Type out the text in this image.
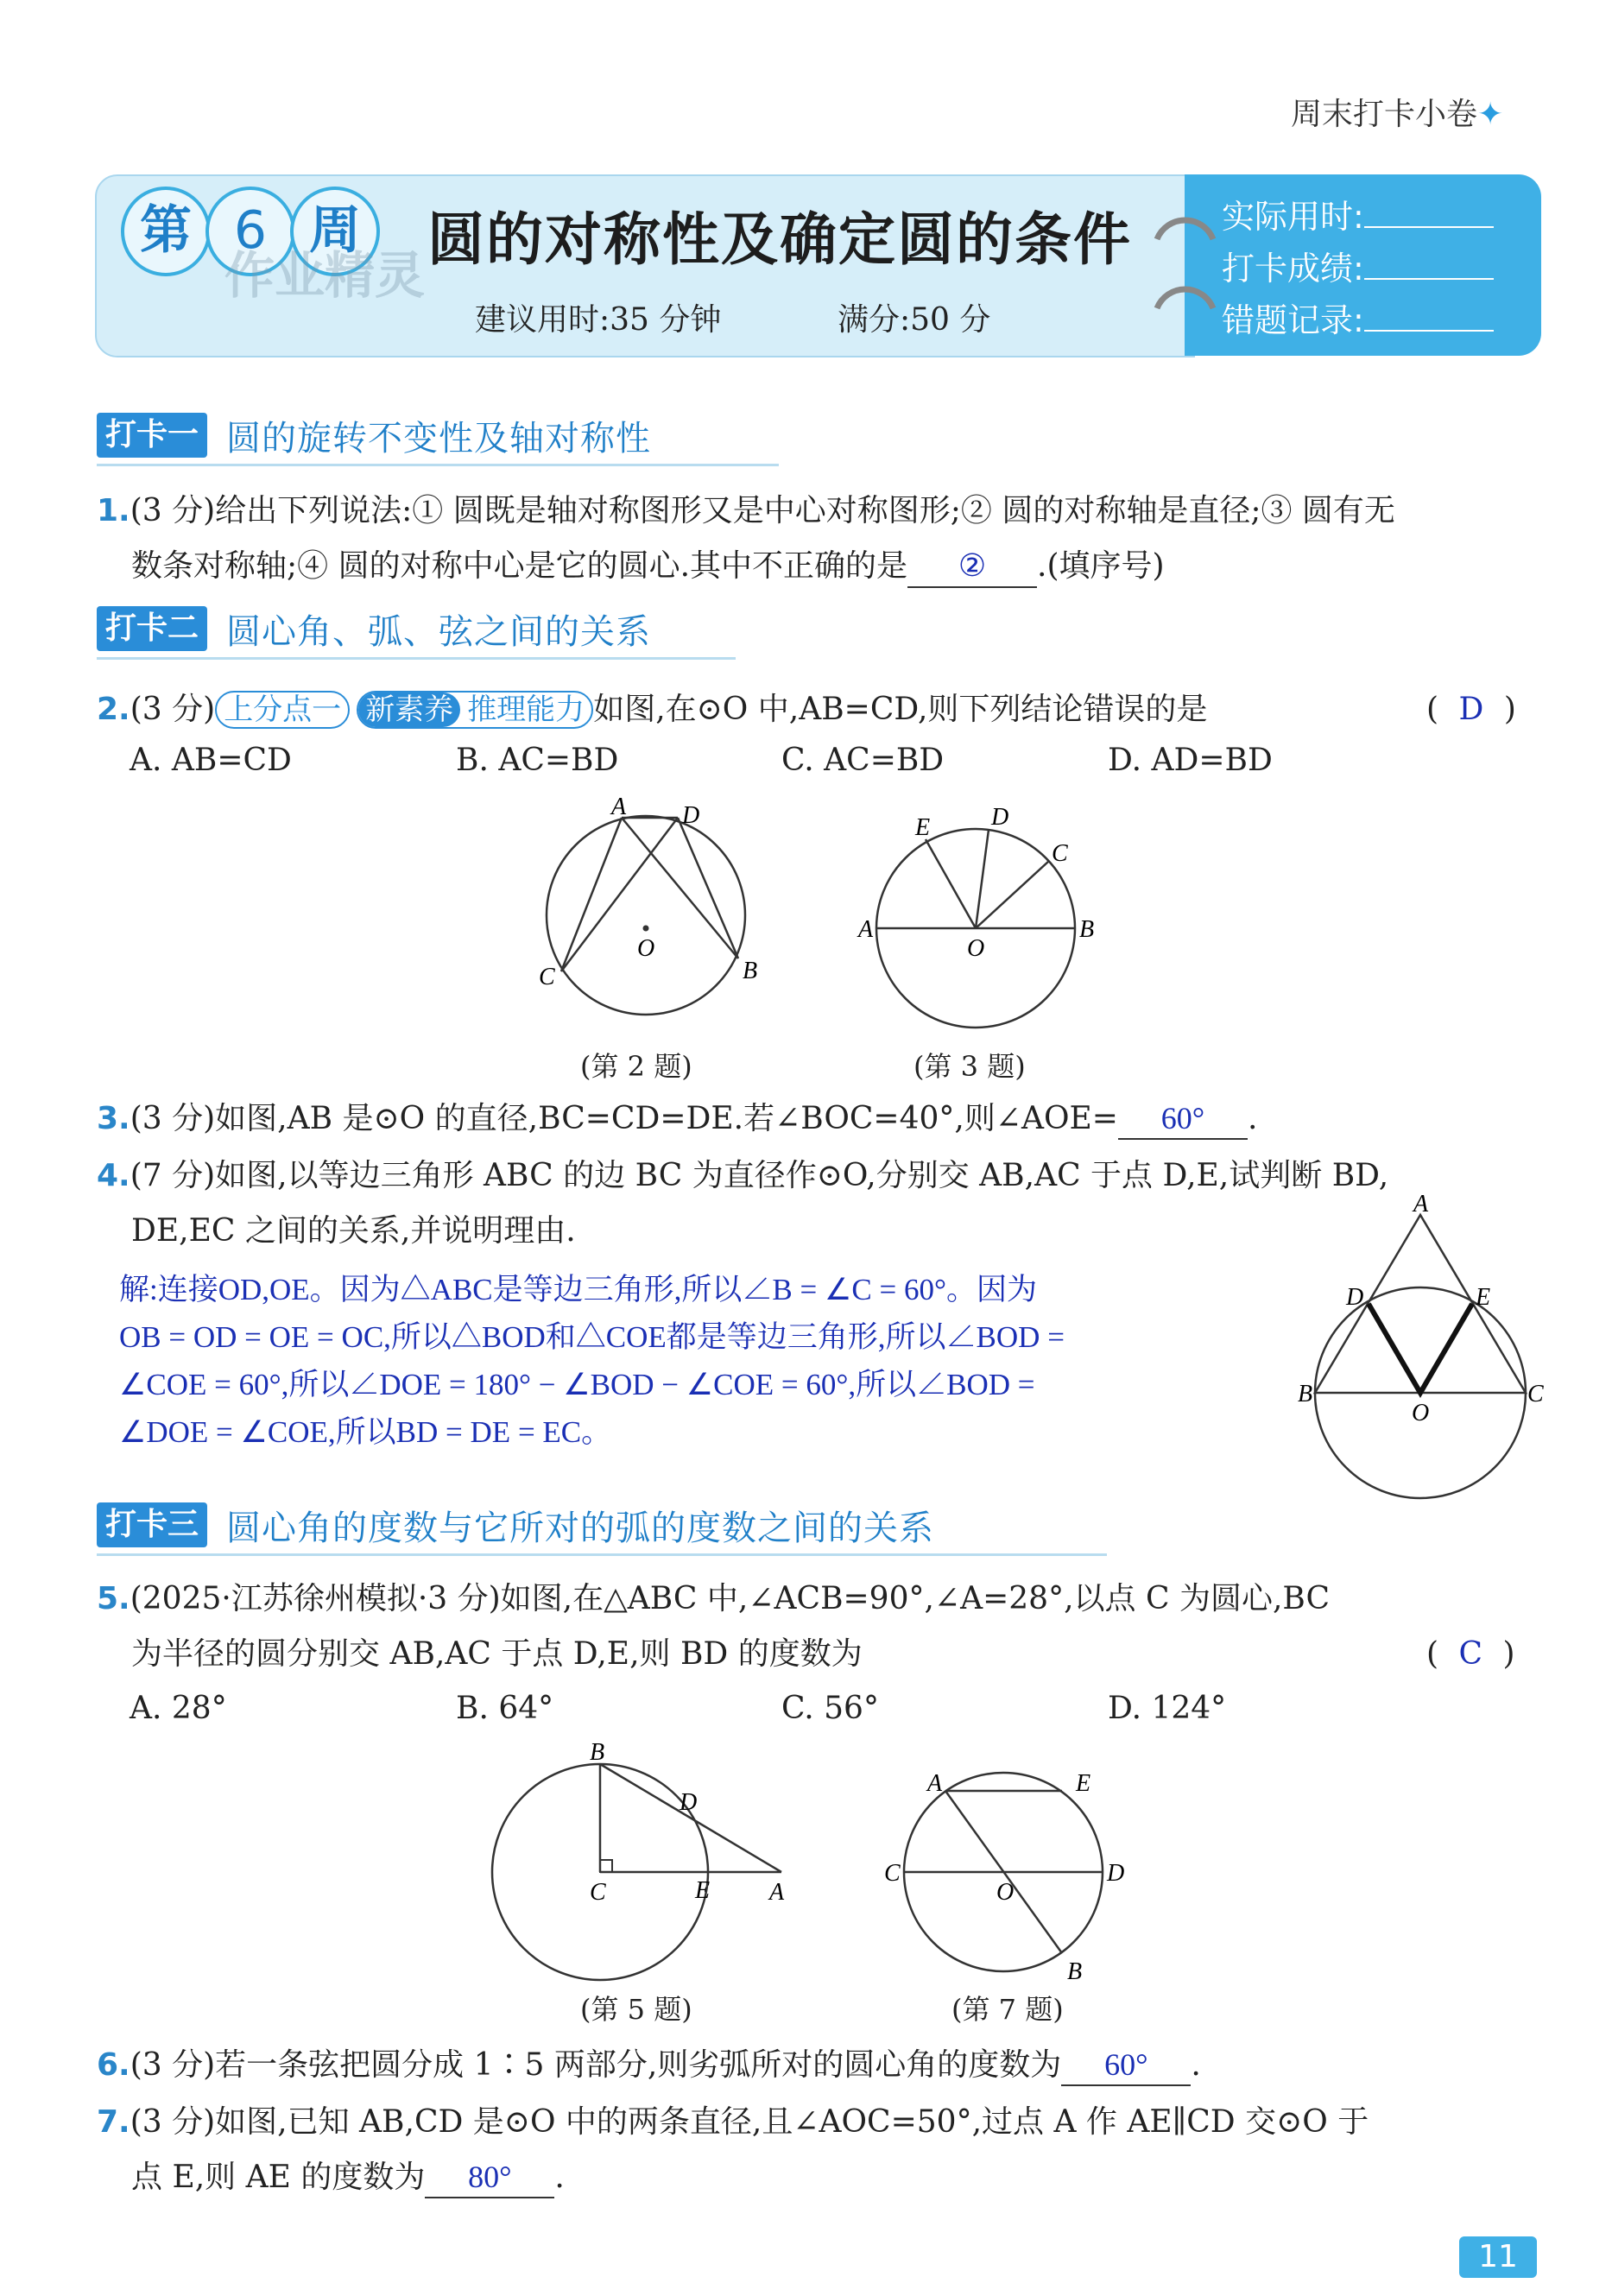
周末打卡小卷✦
第 6 周
作业精灵
圆的对称性及确定圆的条件
建议用时:35 分钟	满分:50 分
实际用时:
打卡成绩:
错题记录:
打卡一 圆的旋转不变性及轴对称性
1.(3 分)给出下列说法:① 圆既是轴对称图形又是中心对称图形;② 圆的对称轴是直径;③ 圆有无
数条对称轴;④ 圆的对称中心是它的圆心.其中不正确的是 ② .(填序号)
打卡二 圆心角、弧、弦之间的关系
2.(3 分) 上分点一 新素养 推理能力 如图,在⊙O 中,AB=CD,则下列结论错误的是	( D )
A. AB=CD	B. AC=BD	C. AC=BD	D. AD=BD
A D
O
C	B
(第 2 题)
E	D
C
A
O
B
(第 3 题)
3.(3 分)如图,AB 是⊙O 的直径,BC=CD=DE.若∠BOC=40°,则∠AOE= 60° .
4.(7 分)如图,以等边三角形 ABC 的边 BC 为直径作⊙O,分别交 AB,AC 于点 D,E,试判断 BD,
DE,EC 之间的关系,并说明理由.
解:连接OD,OE。因为△ABC是等边三角形,所以∠B = ∠C = 60°。因为
OB = OD = OE = OC,所以△BOD和△COE都是等边三角形,所以∠BOD =
∠COE = 60°,所以∠DOE = 180° − ∠BOD − ∠COE = 60°,所以∠BOD =
∠DOE = ∠COE,所以BD = DE = EC。
A
D	E
B
O
C
打卡三 圆心角的度数与它所对的弧的度数之间的关系
5.(2025·江苏徐州模拟·3 分)如图,在△ABC 中,∠ACB=90°,∠A=28°,以点 C 为圆心,BC
为半径的圆分别交 AB,AC 于点 D,E,则 BD 的度数为	( C )
A. 28°	B. 64°	C. 56°	D. 124°
B
D
C	E A
(第 5 题)
A	E
C
O
D
B
(第 7 题)
6.(3 分)若一条弦把圆分成 1∶5 两部分,则劣弧所对的圆心角的度数为 60° .
7.(3 分)如图,已知 AB,CD 是⊙O 中的两条直径,且∠AOC=50°,过点 A 作 AE∥CD 交⊙O 于
点 E,则 AE 的度数为 80° .
11
